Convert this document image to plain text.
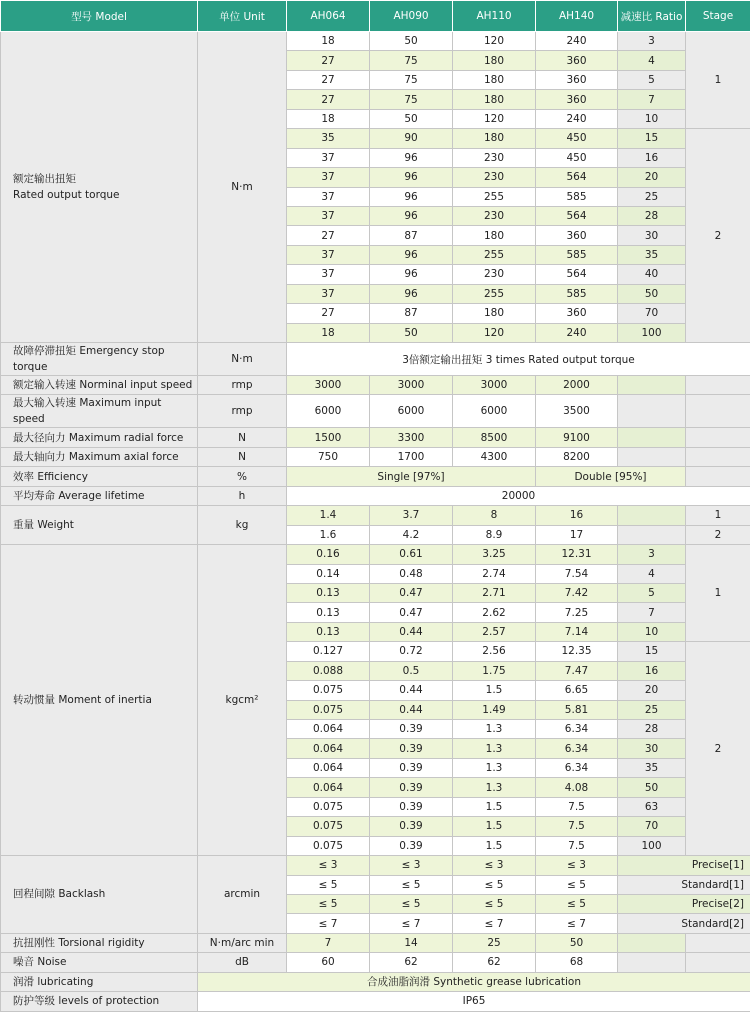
型号 Model	单位 Unit	AH064	AH090	AH110	AH140	减速比 Ratio	Stage

额定输出扭矩
Rated output torque	N·m	18	50	120	240	3	1
		27	75	180	360	4	
		27	75	180	360	5	
		27	75	180	360	7	
		18	50	120	240	10	
		35	90	180	450	15	2
		37	96	230	450	16	
		37	96	230	564	20	
		37	96	255	585	25	
		37	96	230	564	28	
		27	87	180	360	30	
		37	96	255	585	35	
		37	96	230	564	40	
		37	96	255	585	50	
		27	87	180	360	70	
		18	50	120	240	100	
故障停滞扭矩 Emergency stop torque	N·m	3倍额定输出扭矩 3 times Rated output torque					
额定输入转速 Norminal input speed	rmp	3000	3000	3000	2000		
最大输入转速 Maximum input speed	rmp	6000	6000	6000	3500		
最大径向力 Maximum radial force	N	1500	3300	8500	9100		
最大轴向力 Maximum axial force	N	750	1700	4300	8200		
效率 Efficiency	%	Single [97%]			Double [95%]		
平均寿命 Average lifetime	h	20000					
重量 Weight	kg	1.4	3.7	8	16		1
		1.6	4.2	8.9	17		2
转动惯量 Moment of inertia	kgcm²	0.16	0.61	3.25	12.31	3	1
		0.14	0.48	2.74	7.54	4	
		0.13	0.47	2.71	7.42	5	
		0.13	0.47	2.62	7.25	7	
		0.13	0.44	2.57	7.14	10	
		0.127	0.72	2.56	12.35	15	2
		0.088	0.5	1.75	7.47	16	
		0.075	0.44	1.5	6.65	20	
		0.075	0.44	1.49	5.81	25	
		0.064	0.39	1.3	6.34	28	
		0.064	0.39	1.3	6.34	30	
		0.064	0.39	1.3	6.34	35	
		0.064	0.39	1.3	4.08	50	
		0.075	0.39	1.5	7.5	63	
		0.075	0.39	1.5	7.5	70	
		0.075	0.39	1.5	7.5	100	
回程间隙 Backlash	arcmin	≤ 3	≤ 3	≤ 3	≤ 3	Precise[1]	
		≤ 5	≤ 5	≤ 5	≤ 5	Standard[1]	
		≤ 5	≤ 5	≤ 5	≤ 5	Precise[2]	
		≤ 7	≤ 7	≤ 7	≤ 7	Standard[2]	
抗扭刚性 Torsional rigidity	N·m/arc min	7	14	25	50		
噪音 Noise	dB	60	62	62	68		
润滑 lubricating	合成油脂润滑 Synthetic grease lubrication						
防护等级 levels of protection	IP65						
